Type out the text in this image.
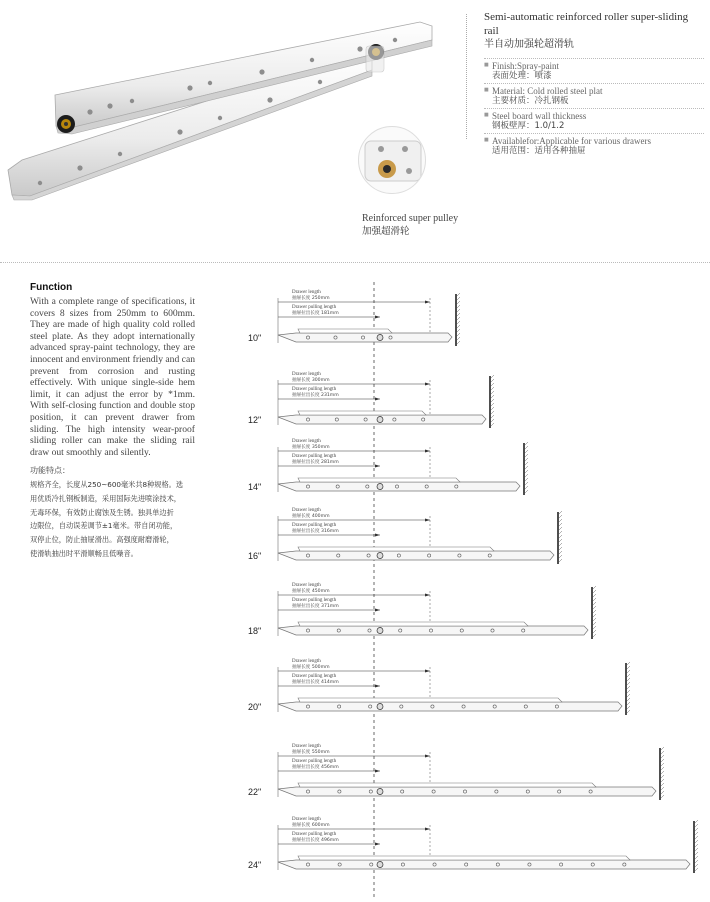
Semi-automatic reinforced roller super-sliding rail
半自动加强轮超滑轨
■ Finish:Spray-paint
表面处理：喷漆
■ Material: Cold rolled steel plat
主要材质：冷扎钢板
■ Steel board wall thickness
钢板壁厚：1.0/1.2
■ Availablefor:Applicable for various drawers
适用范围：适用各种抽屉
Reinforced super pulley
加强超滑轮
Function
With a complete range of specifications, it covers 8 sizes from 250mm to 600mm. They are made of high quality cold rolled steel plate. As they adopt internationally advanced spray-paint technology, they are innocent and environment friendly and can prevent from corrosion and rusting effectively. With unique single-side hem limit, it can adjust the error by *1mm. With self-closing function and double stop position, it can prevent drawer from sliding. The high intensity wear-proof sliding roller can make the sliding rail draw out smoothly and silently.
功能特点：
规格齐全，长度从250~600毫米共8种规格。选
用优质冷扎钢板制造，采用国际先进喷涂技术，
无毒环保，有效防止腐蚀及生锈。独具单边折
边限位，自动误差调节±1毫米。带自闭功能，
双停止位，防止抽屉滑出。高强度耐磨滑轮，
使滑轨抽出时平滑顺畅且低噪音。
10"
Drawer length
抽屉长度 250mm
Drawer pulling length
抽屉拉出长度 181mm
12"
Drawer length
抽屉长度 300mm
Drawer pulling length
抽屉拉出长度 231mm
14"
Drawer length
抽屉长度 350mm
Drawer pulling length
抽屉拉出长度 281mm
16"
Drawer length
抽屉长度 400mm
Drawer pulling length
抽屉拉出长度 316mm
18"
Drawer length
抽屉长度 450mm
Drawer pulling length
抽屉拉出长度 371mm
20"
Drawer length
抽屉长度 500mm
Drawer pulling length
抽屉拉出长度 414mm
22"
Drawer length
抽屉长度 550mm
Drawer pulling length
抽屉拉出长度 456mm
24"
Drawer length
抽屉长度 600mm
Drawer pulling length
抽屉拉出长度 496mm
